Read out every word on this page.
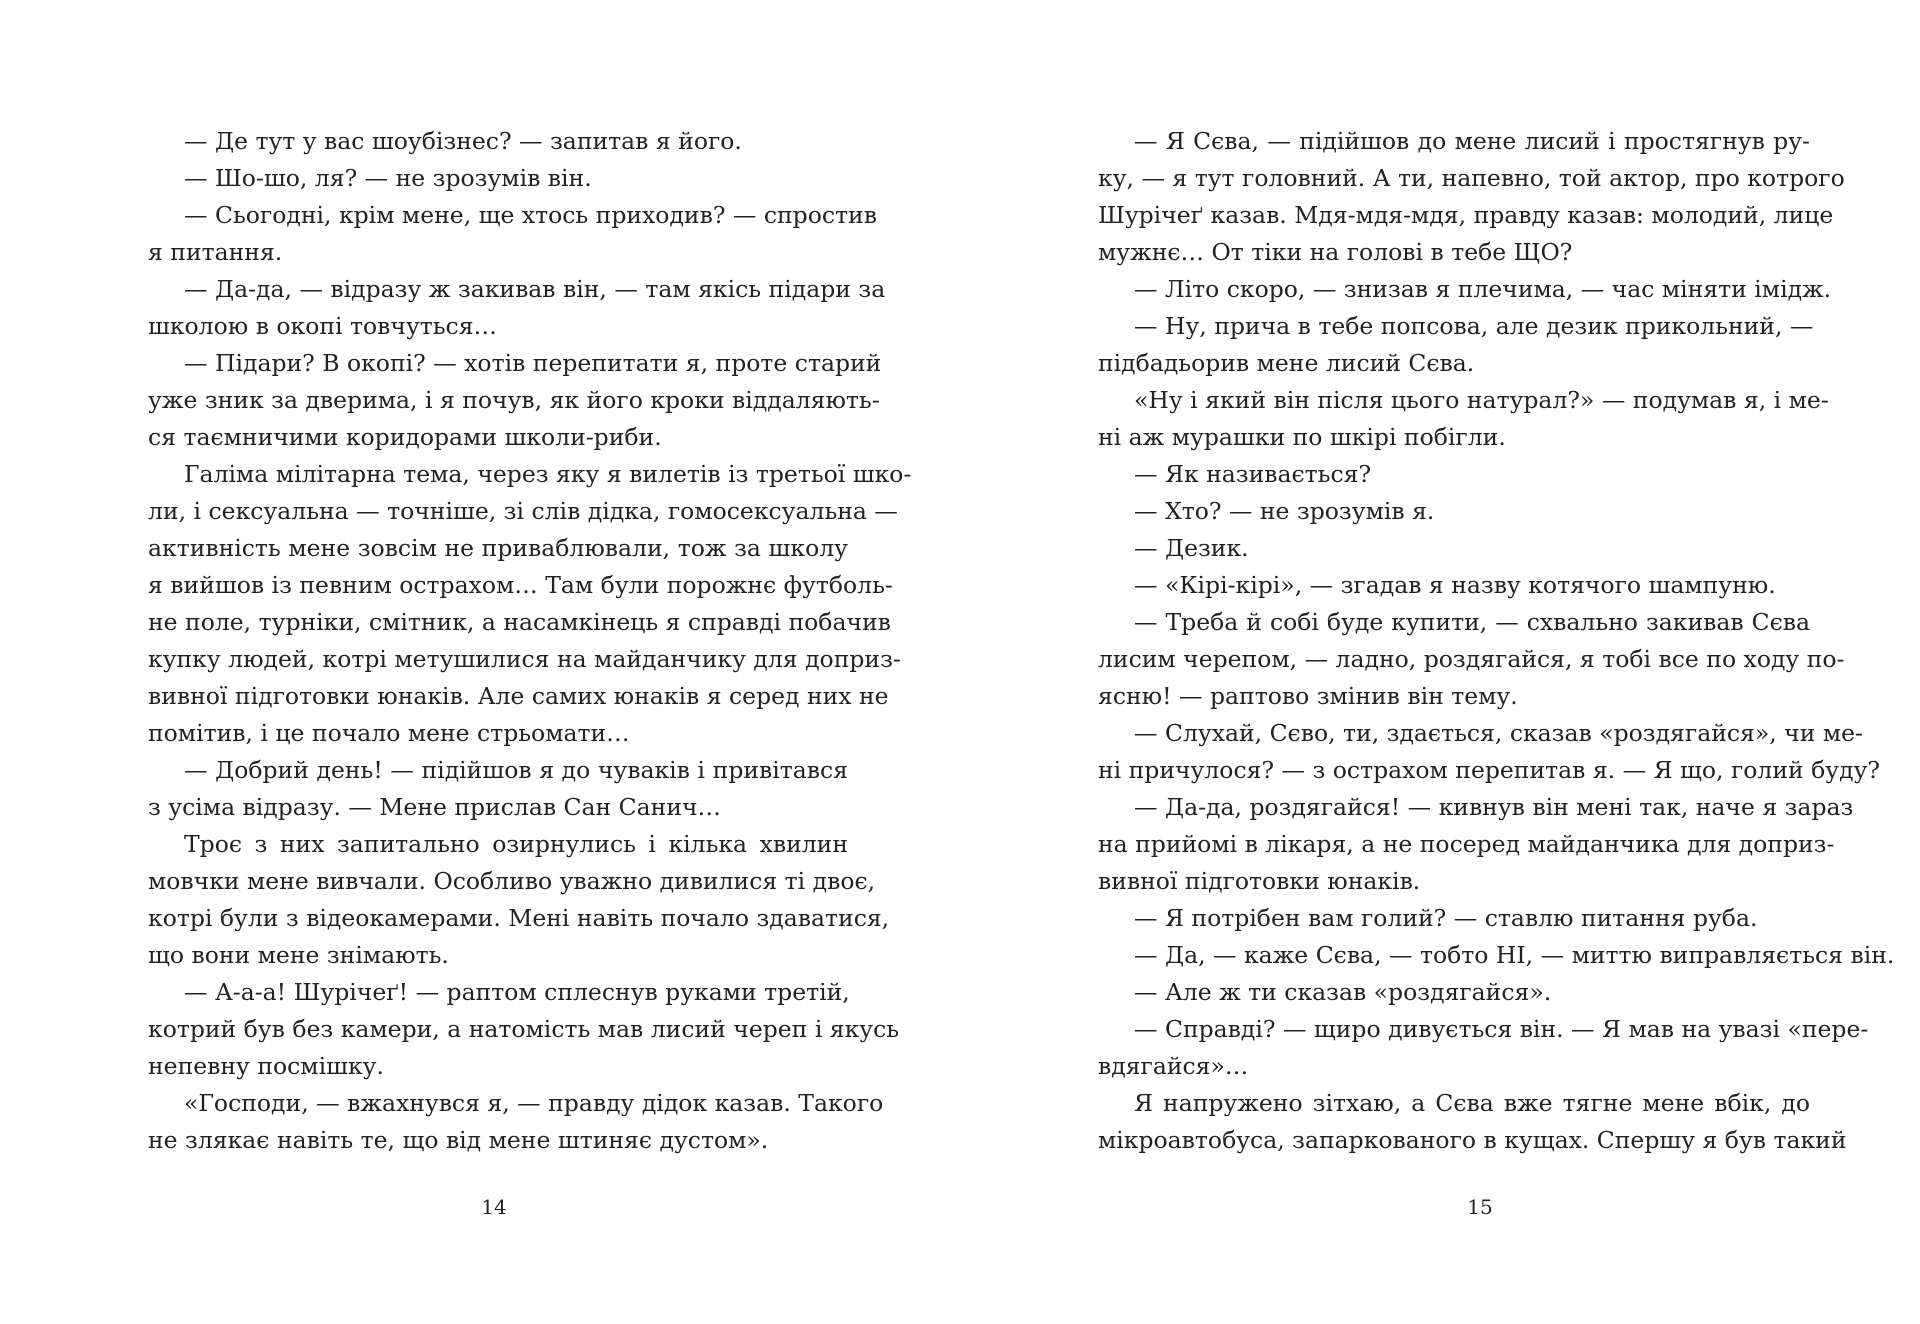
— Де тут у вас шоубізнес? — запитав я його.
— Шо-шо, ля? — не зрозумів він.
— Сьогодні, крім мене, ще хтось приходив? — спростив
я питання.
— Да-да, — відразу ж закивав він, — там якісь підари за
школою в окопі товчуться…
— Підари? В окопі? — хотів перепитати я, проте старий
уже зник за дверима, і я почув, як його кроки віддаляють-
ся таємничими коридорами школи-риби.
Галіма мілітарна тема, через яку я вилетів із третьої шко-
ли, і сексуальна — точніше, зі слів дідка, гомосексуальна —
активність мене зовсім не приваблювали, тож за школу
я вийшов із певним острахом… Там були порожнє футболь-
не поле, турніки, смітник, а насамкінець я справді побачив
купку людей, котрі метушилися на майданчику для доприз-
вивної підготовки юнаків. Але самих юнаків я серед них не
помітив, і це почало мене стрьомати…
— Добрий день! — підійшов я до чуваків і привітався
з усіма відразу. — Мене прислав Сан Санич…
Троє з них запитально озирнулись і кілька хвилин
мовчки мене вивчали. Особливо уважно дивилися ті двоє,
котрі були з відеокамерами. Мені навіть почало здаватися,
що вони мене знімають.
— А-а-а! Шурічеґ! — раптом сплеснув руками третій,
котрий був без камери, а натомість мав лисий череп і якусь
непевну посмішку.
«Господи, — вжахнувся я, — правду дідок казав. Такого
не злякає навіть те, що від мене штиняє дустом».
14
— Я Сєва, — підійшов до мене лисий і простягнув ру-
ку, — я тут головний. А ти, напевно, той актор, про котрого
Шурічеґ казав. Мдя-мдя-мдя, правду казав: молодий, лице
мужнє… От тіки на голові в тебе ЩО?
— Літо скоро, — знизав я плечима, — час міняти імідж.
— Ну, причa в тебе попсова, але дезик прикольний, —
підбадьорив мене лисий Сєва.
«Ну і який він після цього натурал?» — подумав я, і ме-
ні аж мурашки по шкірі побігли.
— Як називається?
— Хто? — не зрозумів я.
— Дезик.
— «Кірі-кірі», — згадав я назву котячого шампуню.
— Треба й собі буде купити, — схвально закивав Сєва
лисим черепом, — ладно, роздягайся, я тобі все по ходу по-
ясню! — раптово змінив він тему.
— Слухай, Сєво, ти, здається, сказав «роздягайся», чи ме-
ні причулося? — з острахом перепитав я. — Я що, голий буду?
— Да-да, роздягайся! — кивнув він мені так, наче я зараз
на прийомі в лікаря, а не посеред майданчика для доприз-
вивної підготовки юнаків.
— Я потрібен вам голий? — ставлю питання руба.
— Да, — каже Сєва, — тобто НІ, — миттю виправляється він.
— Але ж ти сказав «роздягайся».
— Справді? — щиро дивується він. — Я мав на увазі «пере-
вдягайся»…
Я напружено зітхаю, а Сєва вже тягне мене вбік, до
мікроавтобуса, запаркованого в кущах. Спершу я був такий
15
